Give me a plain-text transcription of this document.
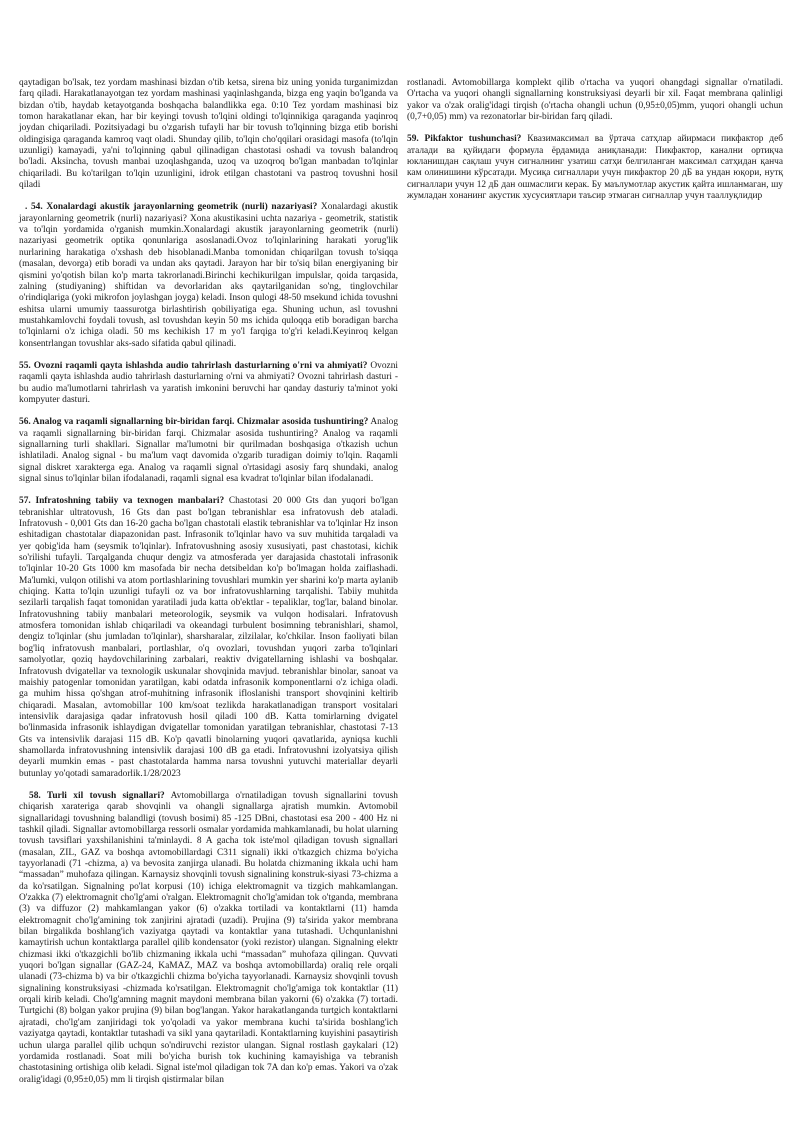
qaytadigan bo'lsak, tez yordam mashinasi bizdan o'tib ketsa, sirena biz uning yonida turganimizdan farq qiladi. Harakatlanayotgan tez yordam mashinasi yaqinlashganda, bizga eng yaqin bo'lganda va bizdan o'tib, haydab ketayotganda boshqacha balandlikka ega. 0:10 Tez yordam mashinasi biz tomon harakatlanar ekan, har bir keyingi tovush to'lqini oldingi to'lqinnikiga qaraganda yaqinroq joydan chiqariladi. Pozitsiyadagi bu o'zgarish tufayli har bir tovush to'lqinning bizga etib borishi oldingisiga qaraganda kamroq vaqt oladi. Shunday qilib, to'lqin cho'qqilari orasidagi masofa (to'lqin uzunligi) kamayadi, ya'ni to'lqinning qabul qilinadigan chastotasi oshadi va tovush balandroq bo'ladi. Aksincha, tovush manbai uzoqlashganda, uzoq va uzoqroq bo'lgan manbadan to'lqinlar chiqariladi. Bu ko'tarilgan to'lqin uzunligini, idrok etilgan chastotani va pastroq tovushni hosil qiladi

. 54. Xonalardagi akustik jarayonlarning geometrik (nurli) nazariyasi? Xonalardagi akustik jarayonlarning geometrik (nurli) nazariyasi? Xona akustikasini uchta nazariya - geometrik, statistik va to'lqin yordamida o'rganish mumkin.Xonalardagi akustik jarayonlarning geometrik (nurli) nazariyasi geometrik optika qonunlariga asoslanadi.Ovoz to'lqinlarining harakati yorug'lik nurlarining harakatiga o'xshash deb hisoblanadi.Manba tomonidan chiqarilgan tovush to'siqqa (masalan, devorga) etib boradi va undan aks qaytadi. Jarayon har bir to'siq bilan energiyaning bir qismini yo'qotish bilan ko'p marta takrorlanadi.Birinchi kechikurilgan impulslar, qoida tarqasida, zalning (studiyaning) shiftidan va devorlaridan aks qaytarilganidan so'ng, tinglovchilar o'rindiqlariga (yoki mikrofon joylashgan joyga) keladi. Inson qulogi 48-50 msekund ichida tovushni eshitsa ularni umumiy taassurotga birlashtirish qobiliyatiga ega. Shuning uchun, asl tovushni mustahkamlovchi foydali tovush, asl tovushdan keyin 50 ms ichida quloqqa etib boradigan barcha to'lqinlarni o'z ichiga oladi. 50 ms kechikish 17 m yo'l farqiga to'g'ri keladi.Keyinroq kelgan konsentrlangan tovushlar aks-sado sifatida qabul qilinadi.

55. Ovozni raqamli qayta ishlashda audio tahrirlash dasturlarning o'rni va ahmiyati? Ovozni raqamli qayta ishlashda audio tahrirlash dasturlarning o'rni va ahmiyati? Ovozni tahrirlash dasturi - bu audio ma'lumotlarni tahrirlash va yaratish imkonini beruvchi har qanday dasturiy ta'minot yoki kompyuter dasturi.

56. Analog va raqamli signallarning bir-biridan farqi. Chizmalar asosida tushuntiring? Analog va raqamli signallarning bir-biridan farqi. Chizmalar asosida tushuntiring? Analog va raqamli signallarning turli shakllari. Signallar ma'lumotni bir qurilmadan boshqasiga o'tkazish uchun ishlatiladi. Analog signal - bu ma'lum vaqt davomida o'zgarib turadigan doimiy to'lqin. Raqamli signal diskret xarakterga ega. Analog va raqamli signal o'rtasidagi asosiy farq shundaki, analog signal sinus to'lqinlar bilan ifodalanadi, raqamli signal esa kvadrat to'lqinlar bilan ifodalanadi.

57. Infratoshning tabiiy va texnogen manbalari? Chastotasi 20 000 Gts dan yuqori bo'lgan tebranishlar ultratovush, 16 Gts dan past bo'lgan tebranishlar esa infratovush deb ataladi. Infratovush - 0,001 Gts dan 16-20 gacha bo'lgan chastotali elastik tebranishlar va to'lqinlar Hz inson eshitadigan chastotalar diapazonidan past. Infrasonik to'lqinlar havo va suv muhitida tarqaladi va yer qobig'ida ham (seysmik to'lqinlar). Infratovushning asosiy xususiyati, past chastotasi, kichik so'rilishi tufayli. Tarqalganda chuqur dengiz va atmosferada yer darajasida chastotali infrasonik to'lqinlar 10-20 Gts 1000 km masofada bir necha detsibeldan ko'p bo'lmagan holda zaiflashadi. Ma'lumki, vulqon otilishi va atom portlashlarining tovushlari mumkin yer sharini ko'p marta aylanib chiqing. Katta to'lqin uzunligi tufayli oz va bor infratovushlarning tarqalishi. Tabiiy muhitda sezilarli tarqalish faqat tomonidan yaratiladi juda katta ob'ektlar - tepaliklar, tog'lar, baland binolar. Infratovushning tabiiy manbalari meteorologik, seysmik va vulqon hodisalari. Infratovush atmosfera tomonidan ishlab chiqariladi va okeandagi turbulent bosimning tebranishlari, shamol, dengiz to'lqinlar (shu jumladan to'lqinlar), sharsharalar, zilzilalar, ko'chkilar. Inson faoliyati bilan bog'liq infratovush manbalari, portlashlar, o'q ovozlari, tovushdan yuqori zarba to'lqinlari samolyotlar, qoziq haydovchilarining zarbalari, reaktiv dvigatellarning ishlashi va boshqalar. Infratovush dvigatellar va texnologik uskunalar shovqinida mavjud. tebranishlar binolar, sanoat va maishiy patogenlar tomonidan yaratilgan, kabi odatda infrasonik komponentlarni o'z ichiga oladi. ga muhim hissa qo'shgan atrof-muhitning infrasonik ifloslanishi transport shovqinini keltirib chiqaradi. Masalan, avtomobillar 100 km/soat tezlikda harakatlanadigan transport vositalari intensivlik darajasiga qadar infratovush hosil qiladi 100 dB. Katta tomirlarning dvigatel bo'linmasida infrasonik ishlaydigan dvigatellar tomonidan yaratilgan tebranishlar, chastotasi 7-13 Gts va intensivlik darajasi 115 dB. Ko'p qavatli binolarning yuqori qavatlarida, ayniqsa kuchli shamollarda infratovushning intensivlik darajasi 100 dB ga etadi. Infratovushni izolyatsiya qilish deyarli mumkin emas - past chastotalarda hamma narsa tovushni yutuvchi materiallar deyarli butunlay yo'qotadi samaradorlik.1/28/2023

58. Turli xil tovush signallari? Avtomobillarga o'rnatiladigan tovush signallarini tovush chiqarish xarateriga qarab shovqinli va ohangli signallarga ajratish mumkin. Avtomobil signallaridagi tovushning balandligi (tovush bosimi) 85 -125 DBni, chastotasi esa 200 - 400 Hz ni tashkil qiladi. Signallar avtomobillarga ressorli osmalar yordamida mahkamlanadi, bu holat ularning tovush tavsiflari yaxshilanishini ta'minlaydi. 8 A gacha tok iste'mol qiladigan tovush signallari (masalan, ZIL, GAZ va boshqa avtomobillardagi C311 signali) ikki o'tkazgich chizma bo'yicha tayyorlanadi (71 -chizma, a) va bevosita zanjirga ulanadi. Bu holatda chizmaning ikkala uchi ham “massadan” muhofaza qilingan. Karnaysiz shovqinli tovush signalining konstruk-siyasi 73-chizma a da ko'rsatilgan. Signalning po'lat korpusi (10) ichiga elektromagnit va tizgich mahkamlangan. O'zakka (7) elektromagnit cho'lg'ami o'ralgan. Elektromagnit cho'lg'amidan tok o'tganda, membrana (3) va diffuzor (2) mahkamlangan yakor (6) o'zakka tortiladi va kontaktlarni (11) hamda elektromagnit cho'lg'amining tok zanjirini ajratadi (uzadi). Prujina (9) ta'sirida yakor membrana bilan birgalikda boshlang'ich vaziyatga qaytadi va kontaktlar yana tutashadi. Uchqunlanishni kamaytirish uchun kontaktlarga parallel qilib kondensator (yoki rezistor) ulangan. Signalning elektr chizmasi ikki o'tkazgichli bo'lib chizmaning ikkala uchi “massadan” muhofaza qilingan. Quvvati yuqori bo'lgan signallar (GAZ-24, KaMAZ, MAZ va boshqa avtomobillarda) oraliq rele orqali ulanadi (73-chizma b) va bir o'tkazgichli chizma bo'yicha tayyorlanadi. Karnaysiz shovqinli tovush signalining konstruksiyasi -chizmada ko'rsatilgan. Elektromagnit cho'lg'amiga tok kontaktlar (11) orqali kirib keladi. Cho'lg'amning magnit maydoni membrana bilan yakorni (6) o'zakka (7) tortadi. Turtgichi (8) bolgan yakor prujina (9) bilan bog'langan. Yakor harakatlanganda turtgich kontaktlarni ajratadi, cho'lg'am zanjiridagi tok yo'qoladi va yakor membrana kuchi ta'sirida boshlang'ich vaziyatga qaytadi, kontaktlar tutashadi va sikl yana qaytariladi. Kontaktlarning kuyishini pasaytirish uchun ularga parallel qilib uchqun so'ndiruvchi rezistor ulangan. Signal rostlash gaykalari (12) yordamida rostlanadi. Soat mili bo'yicha burish tok kuchining kamayishiga va tebranish chastotasining ortishiga olib keladi. Signal iste'mol qiladigan tok 7A dan ko'p emas. Yakori va o'zak oralig'idagi (0,95±0,05) mm li tirqish qistirmalar bilan

rostlanadi. Avtomobillarga komplekt qilib o'rtacha va yuqori ohangdagi signallar o'rnatiladi. O'rtacha va yuqori ohangli signallarning konstruksiyasi deyarli bir xil. Faqat membrana qalinligi yakor va o'zak oralig'idagi tirqish (o'rtacha ohangli uchun (0,95±0,05)mm, yuqori ohangli uchun (0,7+0,05) mm) va rezonatorlar bir-biridan farq qiladi.

59. Pikfaktor tushunchasi? Квазимаксимал ва ўртача сатҳлар айирмаси пикфактор деб аталади ва қуйидаги формула ёрдамида аниқланади: Пикфактор, канални ортиқча юкланишдан сақлаш учун сигналнинг узатиш сатҳи белгиланган максимал сатҳидан қанча кам олинишини кўрсатади. Мусиқа сигналлари учун пикфактор 20 дБ ва ундан юқори, нутқ сигналлари учун 12 дБ дан ошмаслиги керак. Бу маълумотлар акустик қайта ишланмаган, шу жумладан хонанинг акустик хусусиятлари таъсир этмаган сигналлар учун тааллуқлидир
